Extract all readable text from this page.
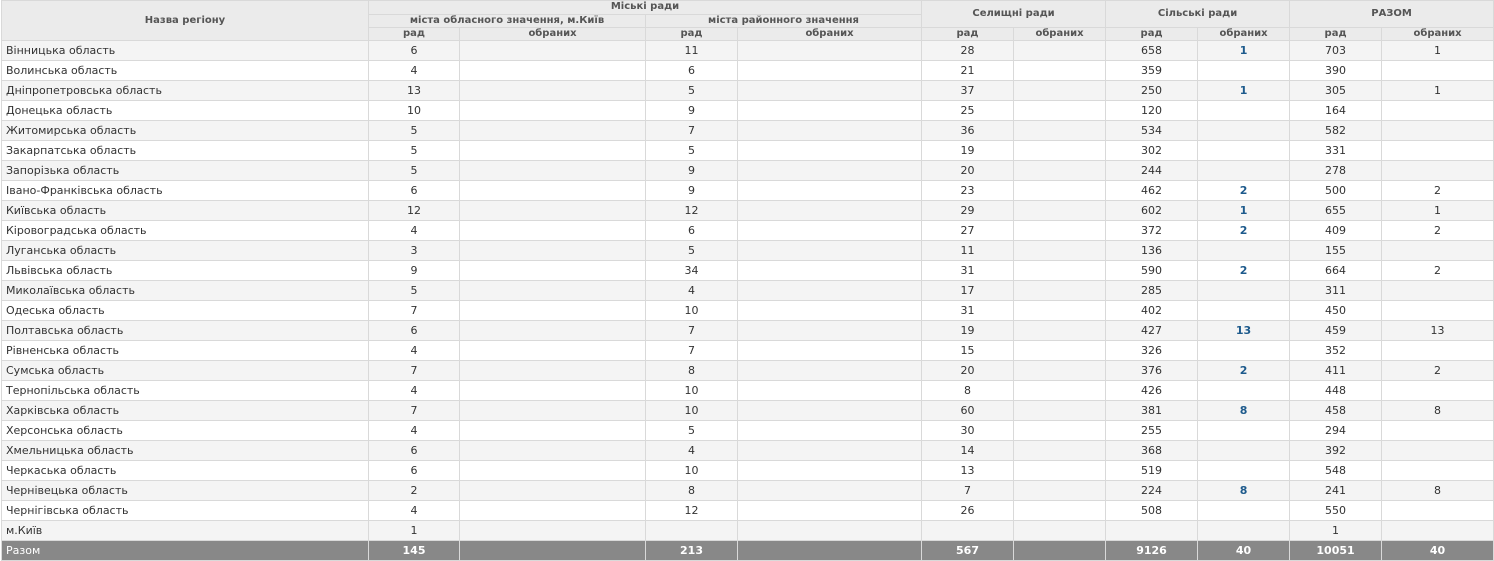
Назва регіону	Міські ради				Селищні ради		Сільські ради		РАЗОМ	
	міста обласного значення, м.Київ		міста районного значення							
	рад	обраних	рад	обраних	рад	обраних	рад	обраних	рад	обраних
Вінницька область	6		11		28		658	1	703	1
Волинська область	4		6		21		359		390	
Дніпропетровська область	13		5		37		250	1	305	1
Донецька область	10		9		25		120		164	
Житомирська область	5		7		36		534		582	
Закарпатська область	5		5		19		302		331	
Запорізька область	5		9		20		244		278	
Івано-Франківська область	6		9		23		462	2	500	2
Київська область	12		12		29		602	1	655	1
Кіровоградська область	4		6		27		372	2	409	2
Луганська область	3		5		11		136		155	
Львівська область	9		34		31		590	2	664	2
Миколаївська область	5		4		17		285		311	
Одеська область	7		10		31		402		450	
Полтавська область	6		7		19		427	13	459	13
Рівненська область	4		7		15		326		352	
Сумська область	7		8		20		376	2	411	2
Тернопільська область	4		10		8		426		448	
Харківська область	7		10		60		381	8	458	8
Херсонська область	4		5		30		255		294	
Хмельницька область	6		4		14		368		392	
Черкаська область	6		10		13		519		548	
Чернівецька область	2		8		7		224	8	241	8
Чернігівська область	4		12		26		508		550	
м.Київ	1								1	
Разом	145		213		567		9126	40	10051	40
